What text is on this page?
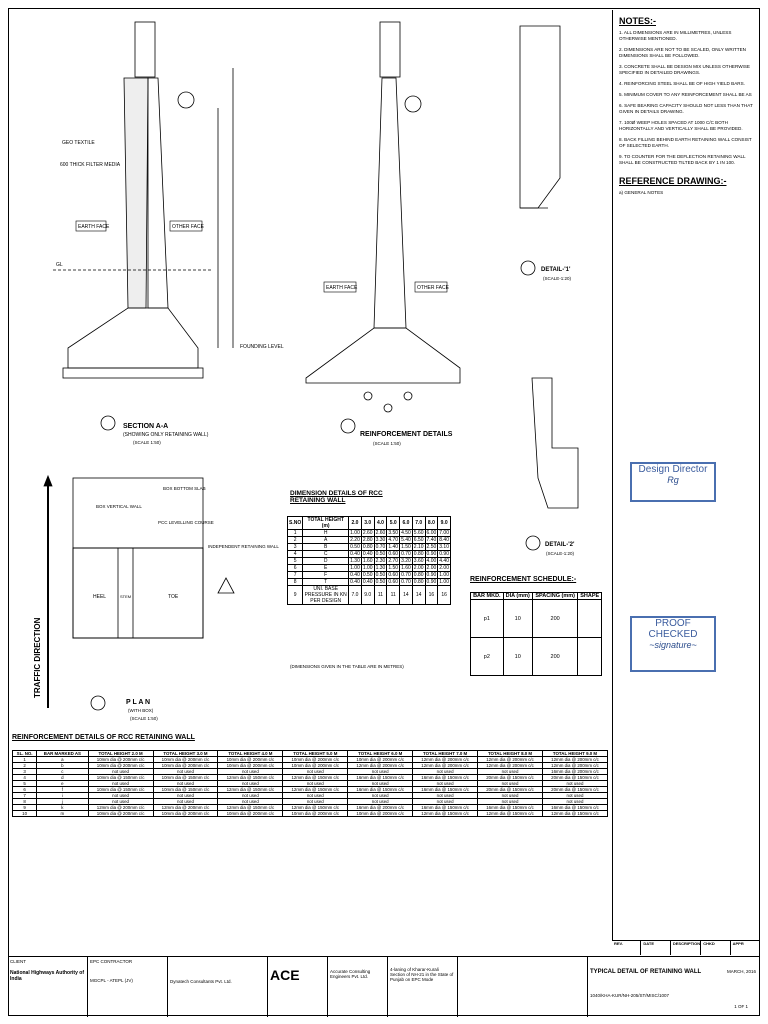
EARTH FACE	OTHER FACE
GEO TEXTILE
600 THICK FILTER MEDIA
GL
FOUNDING LEVEL
SECTION A-A
(SHOWING ONLY RETAINING WALL)
(SCALE 1:50)
EARTH FACE	OTHER FACE
REINFORCEMENT DETAILS
(SCALE 1:50)
DETAIL-'1'
(SCALE-1:20)
DETAIL-'2'
(SCALE-1:20)
TRAFFIC DIRECTION
HEEL	STEM	TOE
BOX BOTTOM SLAB
BOX VERTICAL WALL
PCC LEVELLING COURSE
INDEPENDENT RETAINING WALL
P L A N
(WITH BOX)
(SCALE 1:50)
NOTES:-
1. ALL DIMENSIONS ARE IN MILLIMETRES, UNLESS OTHERWISE MENTIONED.
2. DIMENSIONS ARE NOT TO BE SCALED, ONLY WRITTEN DIMENSIONS SHALL BE FOLLOWED.
3. CONCRETE SHALL BE DESIGN MIX UNLESS OTHERWISE SPECIFIED IN DETAILED DRAWINGS.
4. REINFORCING STEEL SHALL BE OF HIGH YIELD BARS.
5. MINIMUM COVER TO ANY REINFORCEMENT SHALL BE AS
6. SAFE BEARING CAPACITY SHOULD NOT LESS THAN THAT GIVEN IN DETAILS DRAWING.
7. 100Ø WEEP HOLES SPACED AT 1000 C/C BOTH HORIZONTALLY AND VERTICALLY SHALL BE PROVIDED.
8. BACK FILLING BEHIND EARTH RETAINING WALL CONSIST OF SELECTED EARTH.
9. TO COUNTER FOR THE DEFLECTION RETAINING WALL SHALL BE CONSTRUCTED TILTED BACK BY 1 IN 100.
REFERENCE DRAWING:-
a) GENERAL NOTES
Design Director
Rg
PROOF CHECKED
~signature~
DIMENSION DETAILS OF RCC RETAINING WALL
S.NO	TOTAL HEIGHT (m)	2.0	3.0	4.0	5.0	6.0	7.0	8.0	9.0
1	H	1.00	2.60	2.60	3.50	4.50	5.60	6.00	7.00
2	A	2.20	2.80	3.30	4.70	5.40	6.50	7.40	8.40
3	B	0.50	0.80	0.70	1.40	1.50	2.10	2.50	3.10
4	C	0.40	0.40	0.50	0.60	0.70	0.80	0.90	0.90
5	D	1.30	1.60	2.30	2.70	3.20	3.60	4.00	4.40
6	E	1.00	1.00	1.30	1.50	1.60	2.00	2.00	2.00
7	F	0.40	0.50	0.50	0.60	0.70	0.80	0.90	1.00
8	T	0.40	0.40	0.50	0.60	0.70	0.80	0.90	1.00
9	UNI. BASE PRESSURE IN KN PER DESIGN	7.0	9.0	11	11	14	14	16	16
(DIMENSIONS GIVEN IN THE TABLE ARE IN METRES)
REINFORCEMENT SCHEDULE:-
BAR MKD.	DIA (mm)	SPACING (mm)	SHAPE
p1	10	200	
p2	10	200	
REINFORCEMENT DETAILS OF RCC RETAINING WALL
SL. NO.	BAR MARKED AS	TOTAL HEIGHT 2.0 M	TOTAL HEIGHT 3.0 M	TOTAL HEIGHT 4.0 M	TOTAL HEIGHT 5.0 M	TOTAL HEIGHT 6.0 M	TOTAL HEIGHT 7.0 M	TOTAL HEIGHT 8.0 M	TOTAL HEIGHT 9.0 M
1	a	10mm dia @ 200mm c/c	10mm dia @ 200mm c/c	10mm dia @ 200mm c/c	10mm dia @ 200mm c/c	10mm dia @ 200mm c/c	12mm dia @ 200mm c/c	12mm dia @ 200mm c/c	12mm dia @ 200mm c/c
2	b	10mm dia @ 200mm c/c	10mm dia @ 200mm c/c	10mm dia @ 200mm c/c	10mm dia @ 200mm c/c	12mm dia @ 200mm c/c	12mm dia @ 200mm c/c	12mm dia @ 200mm c/c	12mm dia @ 200mm c/c
3	c	not used	not used	not used	not used	not used	not used	not used	16mm dia @ 200mm c/c
4	d	10mm dia @ 150mm c/c	10mm dia @ 150mm c/c	12mm dia @ 150mm c/c	12mm dia @ 150mm c/c	16mm dia @ 150mm c/c	16mm dia @ 150mm c/c	20mm dia @ 150mm c/c	20mm dia @ 150mm c/c
5	e	not used	not used	not used	not used	not used	not used	not used	not used
6	f	10mm dia @ 150mm c/c	10mm dia @ 150mm c/c	12mm dia @ 150mm c/c	12mm dia @ 150mm c/c	16mm dia @ 150mm c/c	16mm dia @ 150mm c/c	20mm dia @ 150mm c/c	20mm dia @ 150mm c/c
7	i	not used	not used	not used	not used	not used	not used	not used	not used
8	j	not used	not used	not used	not used	not used	not used	not used	not used
9	k	12mm dia @ 200mm c/c	12mm dia @ 200mm c/c	12mm dia @ 150mm c/c	12mm dia @ 150mm c/c	16mm dia @ 200mm c/c	16mm dia @ 150mm c/c	16mm dia @ 150mm c/c	16mm dia @ 150mm c/c
10	m	10mm dia @ 200mm c/c	10mm dia @ 200mm c/c	10mm dia @ 200mm c/c	10mm dia @ 200mm c/c	10mm dia @ 200mm c/c	12mm dia @ 150mm c/c	12mm dia @ 150mm c/c	12mm dia @ 150mm c/c
REV.	DATE	DESCRIPTION CHKD	APPR
CLIENT
National Highways Authority of India
EPC CONTRACTOR
MGCPL - ATEPL (JV)	Dynatech Consultants Pvt. Ltd.	ACE	Accurate Consulting Engineers Pvt. Ltd.
4-laning of Kharar-Kurali Section of NH-21 in the State of Punjab on EPC Mode
TYPICAL DETAIL OF RETAINING WALL	MARCH, 2016
1040/KHA-KUR/NH-205/ST/MISC/1007
1 OF 1
